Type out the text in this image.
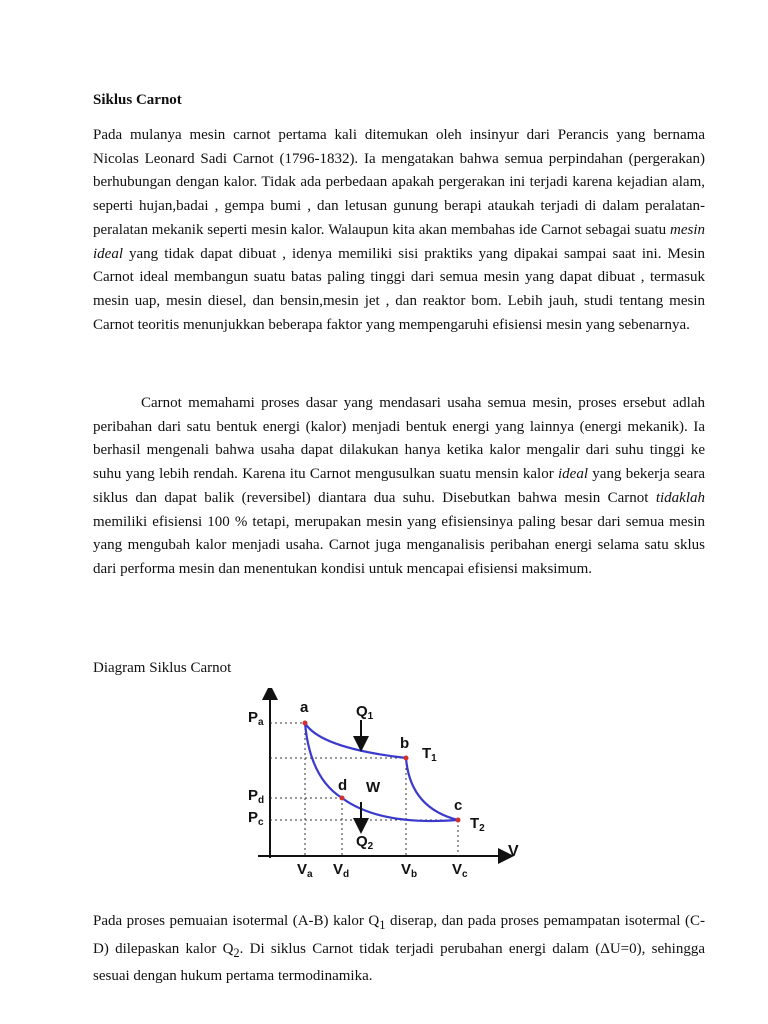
Siklus Carnot
Pada mulanya mesin carnot pertama kali ditemukan oleh insinyur dari Perancis yang bernama Nicolas Leonard Sadi Carnot (1796-1832). Ia mengatakan bahwa semua perpindahan (pergerakan) berhubungan dengan kalor. Tidak ada perbedaan apakah pergerakan ini terjadi karena kejadian alam, seperti hujan,badai , gempa bumi , dan letusan gunung berapi ataukah terjadi di dalam peralatan-peralatan mekanik seperti mesin kalor. Walaupun kita akan membahas ide Carnot sebagai suatu mesin ideal yang tidak dapat dibuat , idenya memiliki sisi praktiks yang dipakai sampai saat ini. Mesin Carnot ideal membangun suatu batas paling tinggi dari semua mesin yang dapat dibuat , termasuk mesin uap, mesin diesel, dan bensin,mesin jet , dan reaktor bom. Lebih jauh, studi tentang mesin Carnot teoritis menunjukkan beberapa faktor yang mempengaruhi efisiensi mesin yang sebenarnya.
Carnot memahami proses dasar yang mendasari usaha semua mesin, proses ersebut adlah peribahan dari satu bentuk energi (kalor) menjadi bentuk energi yang lainnya (energi mekanik). Ia berhasil mengenali bahwa usaha dapat dilakukan hanya ketika kalor mengalir dari suhu tinggi ke suhu yang lebih rendah. Karena itu Carnot mengusulkan suatu mensin kalor ideal yang bekerja seara siklus dan dapat balik (reversibel) diantara dua suhu. Disebutkan bahwa mesin Carnot tidaklah memiliki efisiensi 100 % tetapi, merupakan mesin yang efisiensinya paling besar dari semua mesin yang mengubah kalor menjadi usaha. Carnot juga menganalisis peribahan energi selama satu sklus dari performa mesin dan menentukan kondisi untuk mencapai efisiensi maksimum.
Diagram Siklus Carnot
V
a
b
c
d W
$Q_1$
$Q_2$
$T_1$
$T_2$
$P_a$
$P_d$
$P_c$
$V_a$ $V_d$	$V_b$ $V_c$
Pada proses pemuaian isotermal (A-B) kalor $Q_1$ diserap, dan pada proses pemampatan isotermal (C-D) dilepaskan kalor $Q_2$. Di siklus Carnot tidak terjadi perubahan energi dalam (ΔU=0), sehingga sesuai dengan hukum pertama termodinamika.
